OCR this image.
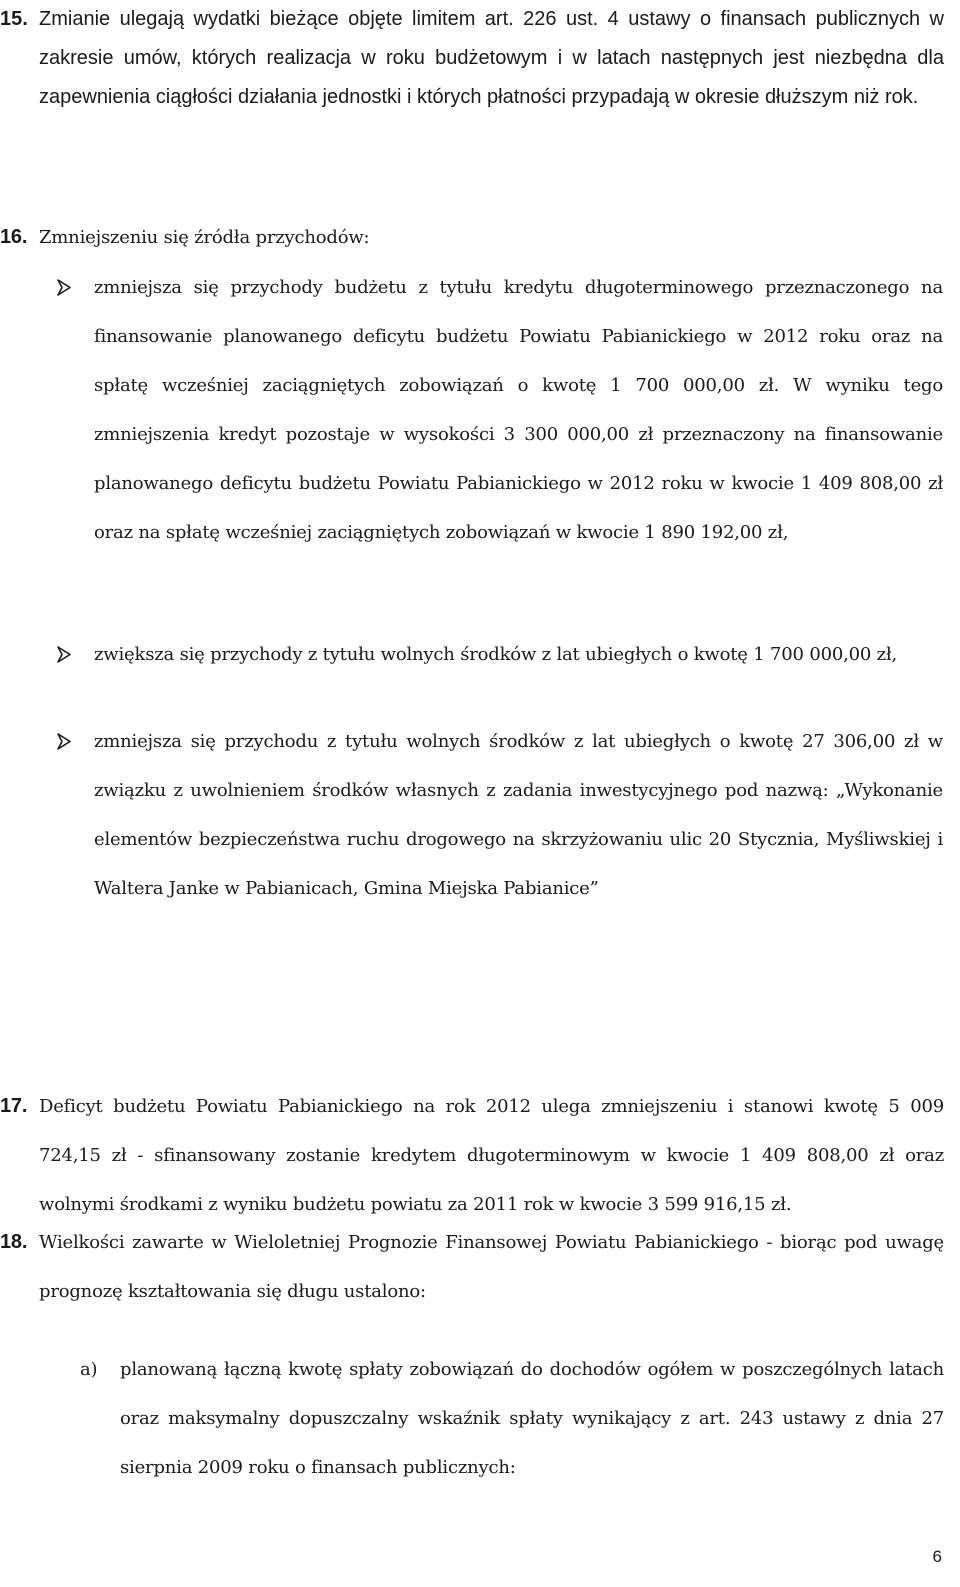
15. Zmianie ulegają wydatki bieżące objęte limitem art. 226 ust. 4 ustawy o finansach publicznych w zakresie umów, których realizacja w roku budżetowym i w latach następnych jest niezbędna dla zapewnienia ciągłości działania jednostki i których płatności przypadają w okresie dłuższym niż rok.
16. Zmniejszeniu się źródła przychodów:
zmniejsza się przychody budżetu z tytułu kredytu długoterminowego przeznaczonego na finansowanie planowanego deficytu budżetu Powiatu Pabianickiego w 2012 roku oraz na spłatę wcześniej zaciągniętych zobowiązań o kwotę 1 700 000,00 zł. W wyniku tego zmniejszenia kredyt pozostaje w wysokości 3 300 000,00 zł przeznaczony na finansowanie planowanego deficytu budżetu Powiatu Pabianickiego w 2012 roku w kwocie 1 409 808,00 zł oraz na spłatę wcześniej zaciągniętych zobowiązań w kwocie 1 890 192,00 zł,
zwiększa się przychody z tytułu wolnych środków z lat ubiegłych o kwotę 1 700 000,00 zł,
zmniejsza się przychodu z tytułu wolnych środków z lat ubiegłych o kwotę 27 306,00 zł w związku z uwolnieniem środków własnych z zadania inwestycyjnego pod nazwą: „Wykonanie elementów bezpieczeństwa ruchu drogowego na skrzyżowaniu ulic 20 Stycznia, Myśliwskiej i Waltera Janke w Pabianicach, Gmina Miejska Pabianice”
17. Deficyt budżetu Powiatu Pabianickiego na rok 2012 ulega zmniejszeniu i stanowi kwotę 5 009 724,15 zł - sfinansowany zostanie kredytem długoterminowym w kwocie 1 409 808,00 zł oraz wolnymi środkami z wyniku budżetu powiatu za 2011 rok w kwocie 3 599 916,15 zł.
18. Wielkości zawarte w Wieloletniej Prognozie Finansowej Powiatu Pabianickiego - biorąc pod uwagę prognozę kształtowania się długu ustalono:
a) planowaną łączną kwotę spłaty zobowiązań do dochodów ogółem w poszczególnych latach oraz maksymalny dopuszczalny wskaźnik spłaty wynikający z art. 243 ustawy z dnia 27 sierpnia 2009 roku o finansach publicznych:
6
